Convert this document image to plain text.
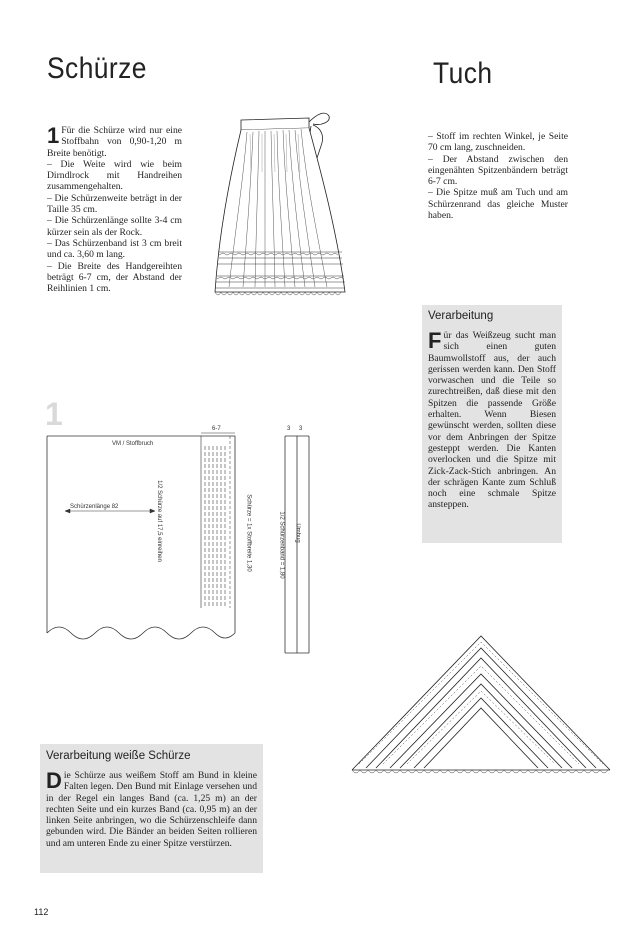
Schürze	Tuch
1 Für die Schürze wird nur eine Stoffbahn von 0,90-1,20 m Breite benötigt.

– Die Weite wird wie beim Dirndlrock mit Handreihen zusammengehalten.

– Die Schürzenweite beträgt in der Taille 35 cm.

– Die Schürzenlänge sollte 3-4 cm kürzer sein als der Rock.

– Das Schürzenband ist 3 cm breit und ca. 3,60 m lang.

– Die Breite des Handgereihten beträgt 6-7 cm, der Abstand der Reihlinien 1 cm.

– Stoff im rechten Winkel, je Seite 70 cm lang, zuschneiden.

– Der Abstand zwischen den eingenähten Spitzenbändern beträgt 6-7 cm.

– Die Spitze muß am Tuch und am Schürzenrand das gleiche Muster haben.

Verarbeitung
F ür das Weißzeug sucht man sich einen guten Baumwollstoff aus, der auch gerissen werden kann. Den Stoff vorwaschen und die Teile so zurechtreißen, daß diese mit den Spitzen die passende Größe erhalten. Wenn Biesen gewünscht werden, sollten diese vor dem Anbringen der Spitze gesteppt werden. Die Kanten overlocken und die Spitze mit Zick-Zack-Stich anbringen. An der schrägen Kante zum Schluß noch eine schmale Spitze ansteppen.
1	6-7
VM / Stoffbruch
Schürzenlänge 82	1/2 Schürze auf 17,5 einreihen	Schürze = 1x Stoffbreite 1,30
3 3
Umbug
1/2 Schürzenband = 1,80
Verarbeitung weiße Schürze
D ie Schürze aus weißem Stoff am Bund in kleine Falten legen. Den Bund mit Einlage versehen und in der Regel ein langes Band (ca. 1,25 m) an der rechten Seite und ein kurzes Band (ca. 0,95 m) an der linken Seite anbringen, wo die Schürzenschleife dann gebunden wird. Die Bänder an beiden Seiten rollieren und am unteren Ende zu einer Spitze verstürzen.
112
